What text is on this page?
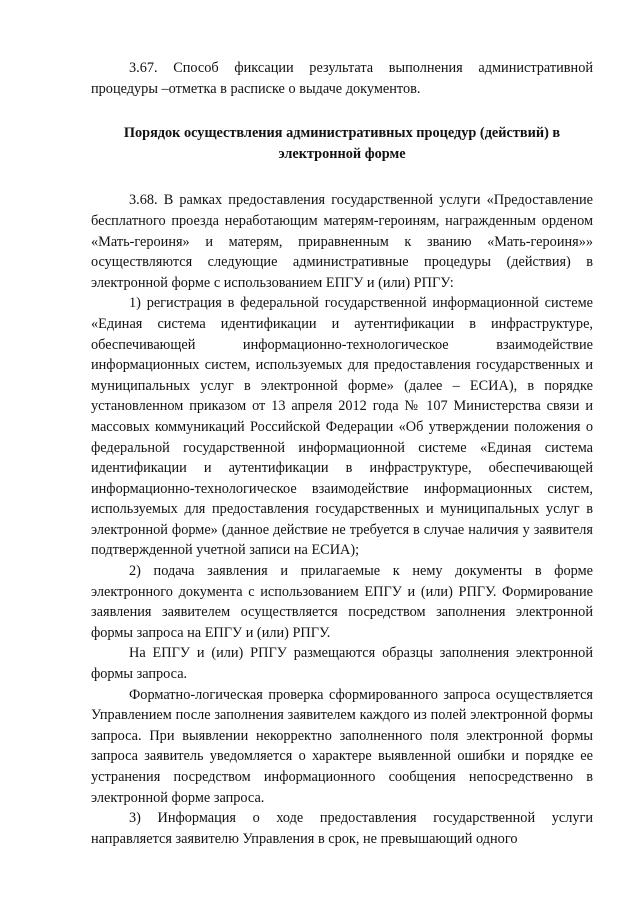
3.67. Способ фиксации результата выполнения административной процедуры –отметка в расписке о выдаче документов.

Порядок осуществления административных процедур (действий) в электронной форме

3.68. В рамках предоставления государственной услуги «Предоставление бесплатного проезда неработающим матерям-героиням, награжденным орденом «Мать-героиня» и матерям, приравненным к званию «Мать-героиня»» осуществляются следующие административные процедуры (действия) в электронной форме с использованием ЕПГУ и (или) РПГУ:

1) регистрация в федеральной государственной информационной системе «Единая система идентификации и аутентификации в инфраструктуре, обеспечивающей информационно-технологическое взаимодействие информационных систем, используемых для предоставления государственных и муниципальных услуг в электронной форме» (далее – ЕСИА), в порядке установленном приказом от 13 апреля 2012 года № 107 Министерства связи и массовых коммуникаций Российской Федерации «Об утверждении положения о федеральной государственной информационной системе «Единая система идентификации и аутентификации в инфраструктуре, обеспечивающей информационно-технологическое взаимодействие информационных систем, используемых для предоставления государственных и муниципальных услуг в электронной форме» (данное действие не требуется в случае наличия у заявителя подтвержденной учетной записи на ЕСИА);

2) подача заявления и прилагаемые к нему документы в форме электронного документа с использованием ЕПГУ и (или) РПГУ. Формирование заявления заявителем осуществляется посредством заполнения электронной формы запроса на ЕПГУ и (или) РПГУ.

На ЕПГУ и (или) РПГУ размещаются образцы заполнения электронной формы запроса.

Форматно-логическая проверка сформированного запроса осуществляется Управлением после заполнения заявителем каждого из полей электронной формы запроса. При выявлении некорректно заполненного поля электронной формы запроса заявитель уведомляется о характере выявленной ошибки и порядке ее устранения посредством информационного сообщения непосредственно в электронной форме запроса.

3) Информация о ходе предоставления государственной услуги направляется заявителю Управления в срок, не превышающий одного
